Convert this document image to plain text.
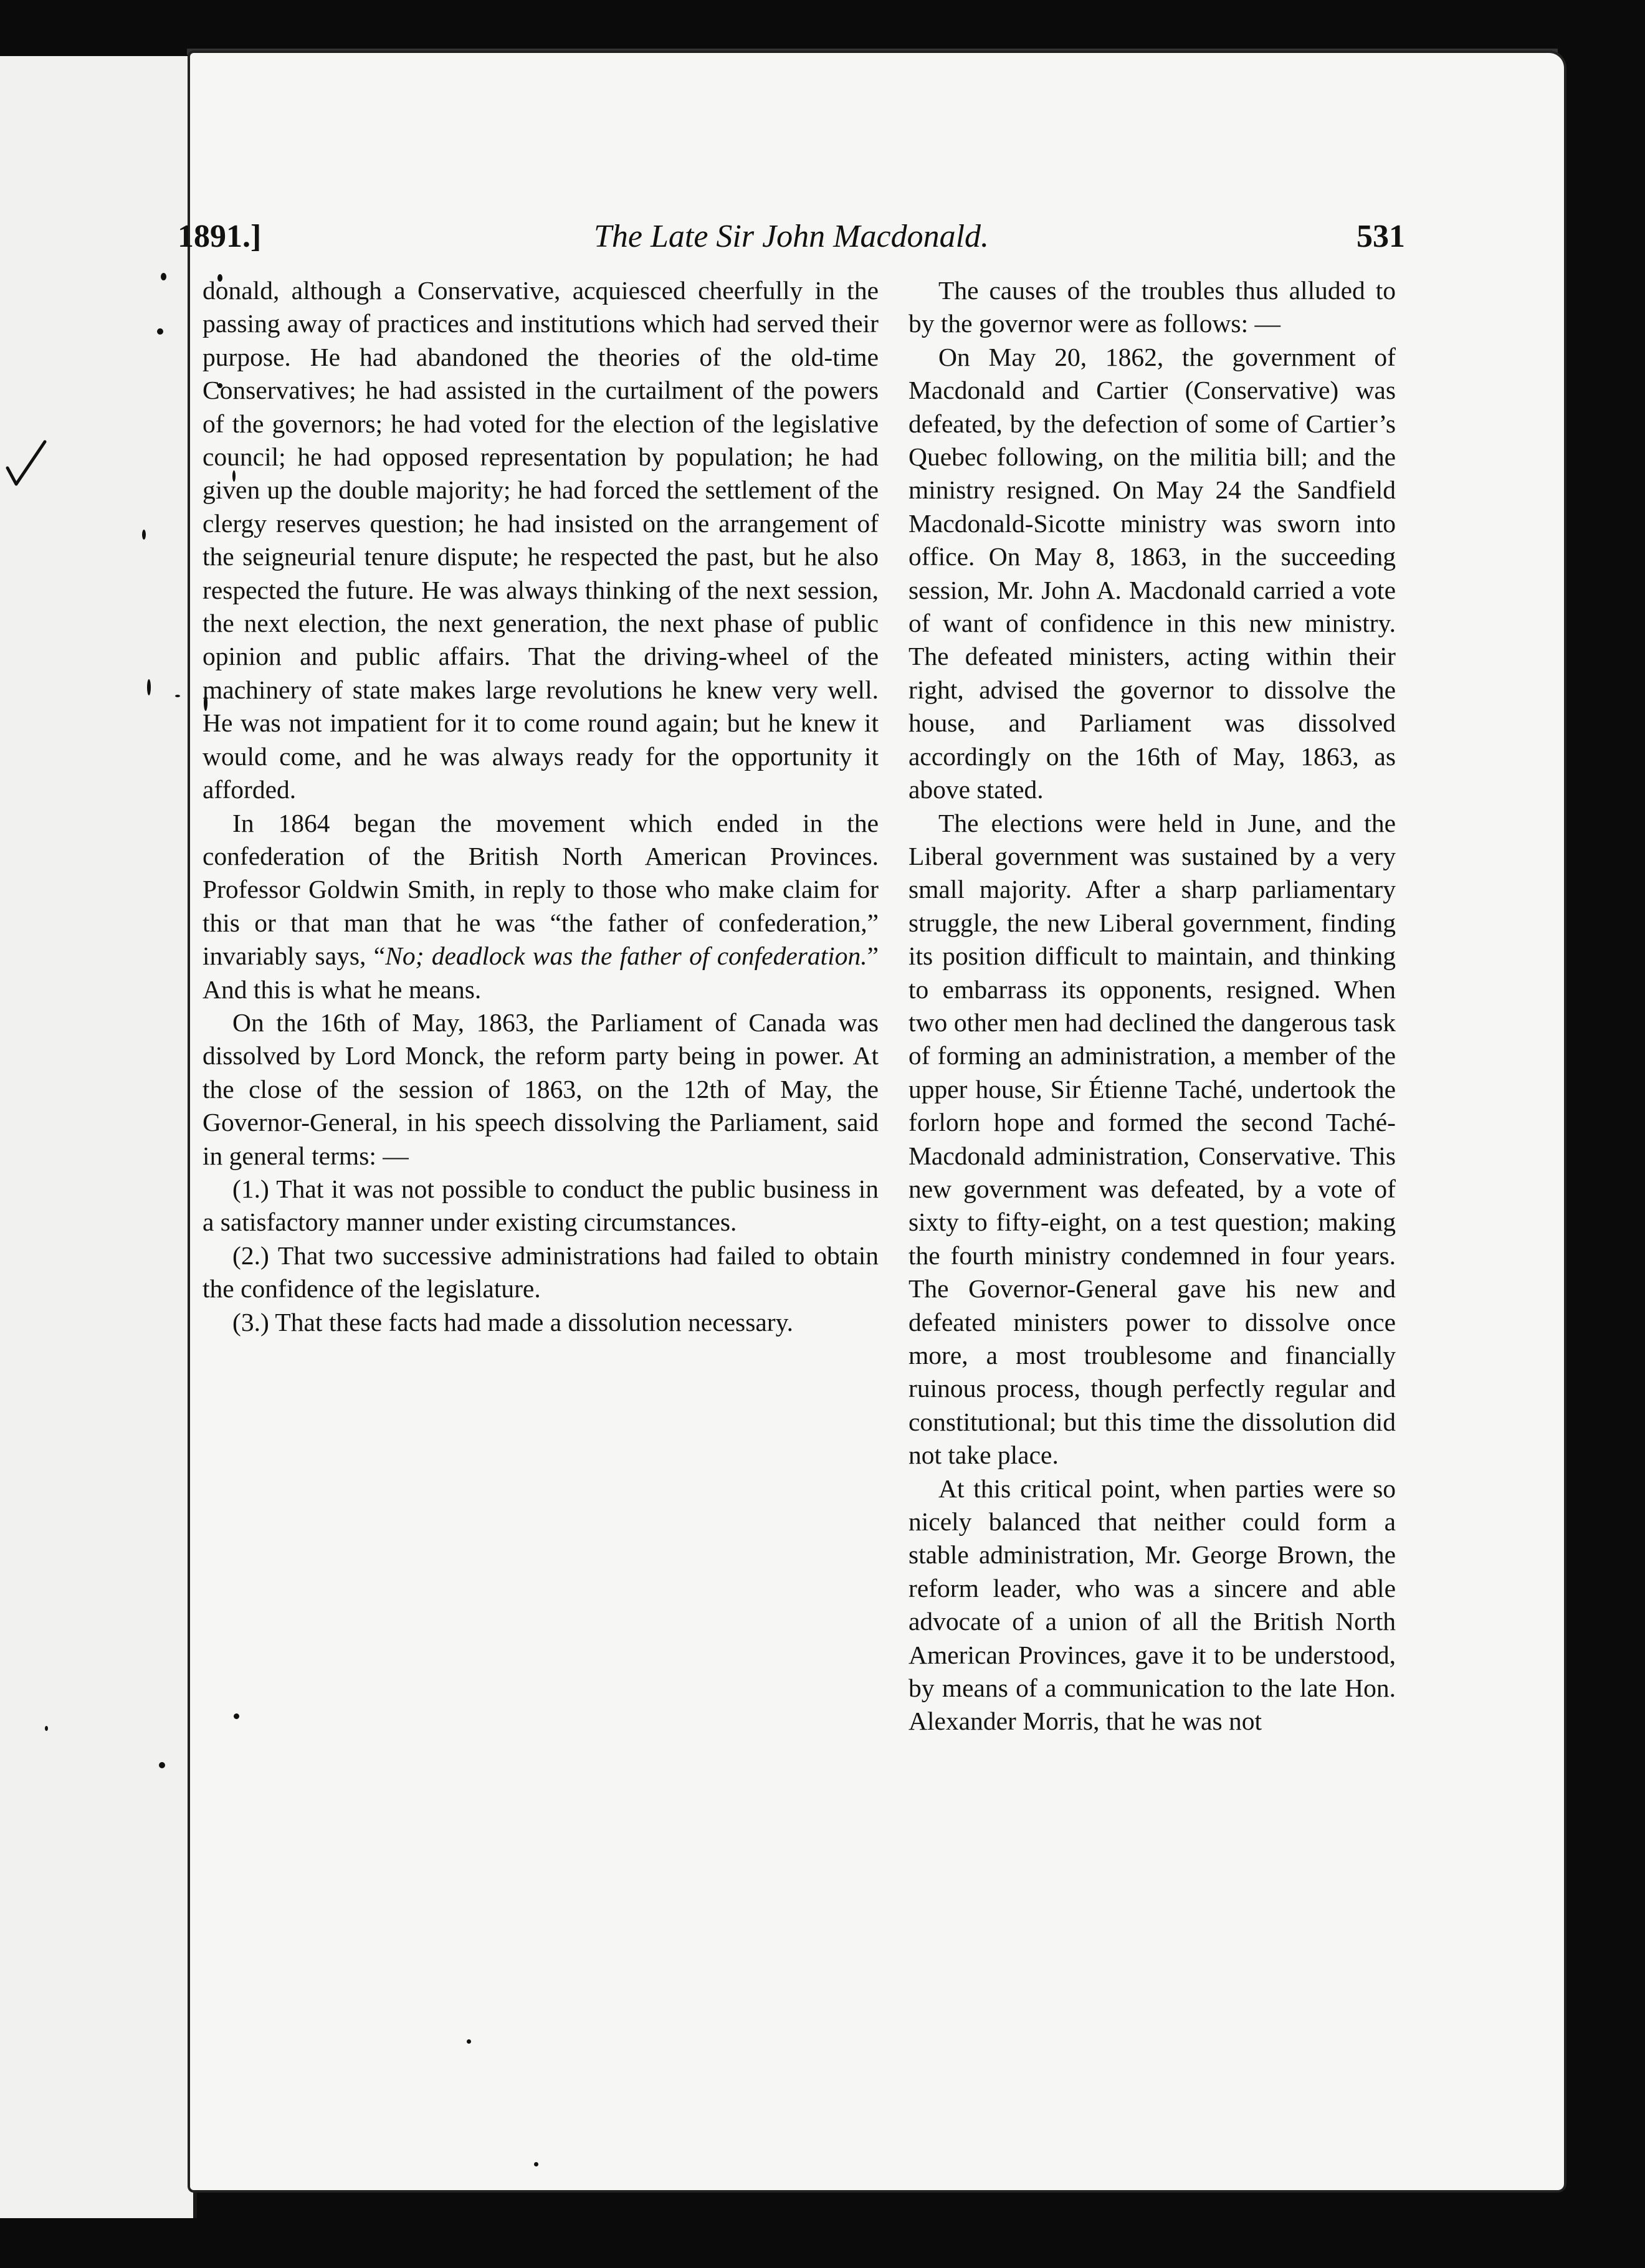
1891.]	The Late Sir John Macdonald.	531

donald, although a Conservative, acquiesced cheerfully in the passing away of practices and institutions which had served their purpose. He had abandoned the theories of the old-time Conservatives; he had assisted in the curtailment of the powers of the governors; he had voted for the election of the legislative council; he had opposed representation by population; he had given up the double majority; he had forced the settlement of the clergy reserves question; he had insisted on the arrangement of the seigneurial tenure dispute; he respected the past, but he also respected the future. He was always thinking of the next session, the next election, the next generation, the next phase of public opinion and public affairs. That the driving-wheel of the machinery of state makes large revolutions he knew very well. He was not impatient for it to come round again; but he knew it would come, and he was always ready for the opportunity it afforded.

In 1864 began the movement which ended in the confederation of the British North American Provinces. Professor Goldwin Smith, in reply to those who make claim for this or that man that he was “the father of confederation,” invariably says, “No; deadlock was the father of confederation.” And this is what he means.

On the 16th of May, 1863, the Parliament of Canada was dissolved by Lord Monck, the reform party being in power. At the close of the session of 1863, on the 12th of May, the Governor-General, in his speech dissolving the Parliament, said in general terms: —

(1.) That it was not possible to conduct the public business in a satisfactory manner under existing circumstances.

(2.) That two successive administrations had failed to obtain the confidence of the legislature.

(3.) That these facts had made a dissolution necessary.

The causes of the troubles thus alluded to by the governor were as follows: —

On May 20, 1862, the government of Macdonald and Cartier (Conservative) was defeated, by the defection of some of Cartier’s Quebec following, on the militia bill; and the ministry resigned. On May 24 the Sandfield Macdonald-Sicotte ministry was sworn into office. On May 8, 1863, in the succeeding session, Mr. John A. Macdonald carried a vote of want of confidence in this new ministry. The defeated ministers, acting within their right, advised the governor to dissolve the house, and Parliament was dissolved accordingly on the 16th of May, 1863, as above stated.

The elections were held in June, and the Liberal government was sustained by a very small majority. After a sharp parliamentary struggle, the new Liberal government, finding its position difficult to maintain, and thinking to embarrass its opponents, resigned. When two other men had declined the dangerous task of forming an administration, a member of the upper house, Sir Étienne Taché, undertook the forlorn hope and formed the second Taché-Macdonald administration, Conservative. This new government was defeated, by a vote of sixty to fifty-eight, on a test question; making the fourth ministry condemned in four years. The Governor-General gave his new and defeated ministers power to dissolve once more, a most troublesome and financially ruinous process, though perfectly regular and constitutional; but this time the dissolution did not take place.

At this critical point, when parties were so nicely balanced that neither could form a stable administration, Mr. George Brown, the reform leader, who was a sincere and able advocate of a union of all the British North American Provinces, gave it to be understood, by means of a communication to the late Hon. Alexander Morris, that he was not
